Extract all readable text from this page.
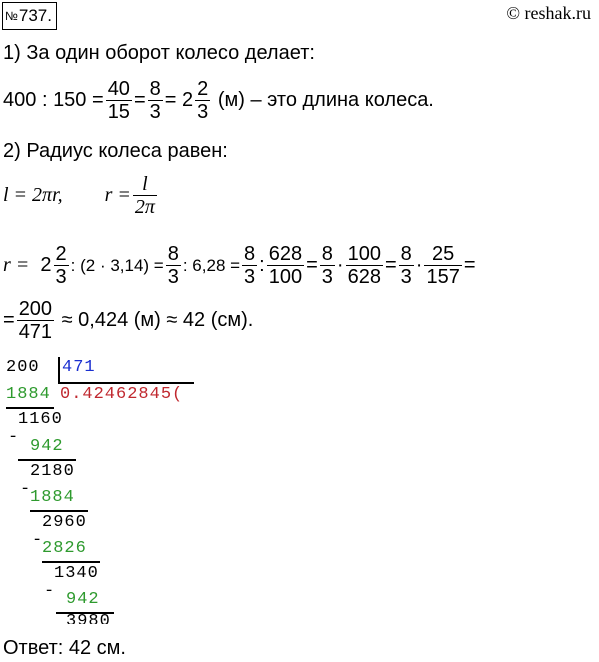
№737.	© reshak.ru
1) За один оборот колесо делает:
400
:
150
= $\frac{40}{15} = \frac{8}{3}$ =
$2 \frac{2}{3}$
(м) – это длина колеса.
2) Радиус колеса равен:
l = 2πr, $r = \frac{l}{2\pi}$
r =
$2 \frac{2}{3}$ : $(2 \cdot 3,14) = \frac{8}{3}$ : $6,28 = \frac{8}{3}$ : $\frac{628}{100} = \frac{8}{3} \cdot \frac{100}{628} = \frac{8}{3} \cdot \frac{25}{157}$ =
= $\frac{200}{471}$
≈ 0,424 (м) ≈ 42 (см).
200 471
0.42462845(
1884
1160
- 942
2180
-
1884
2960
-
2826
1340
- 942
3980
Ответ: 42 см.
